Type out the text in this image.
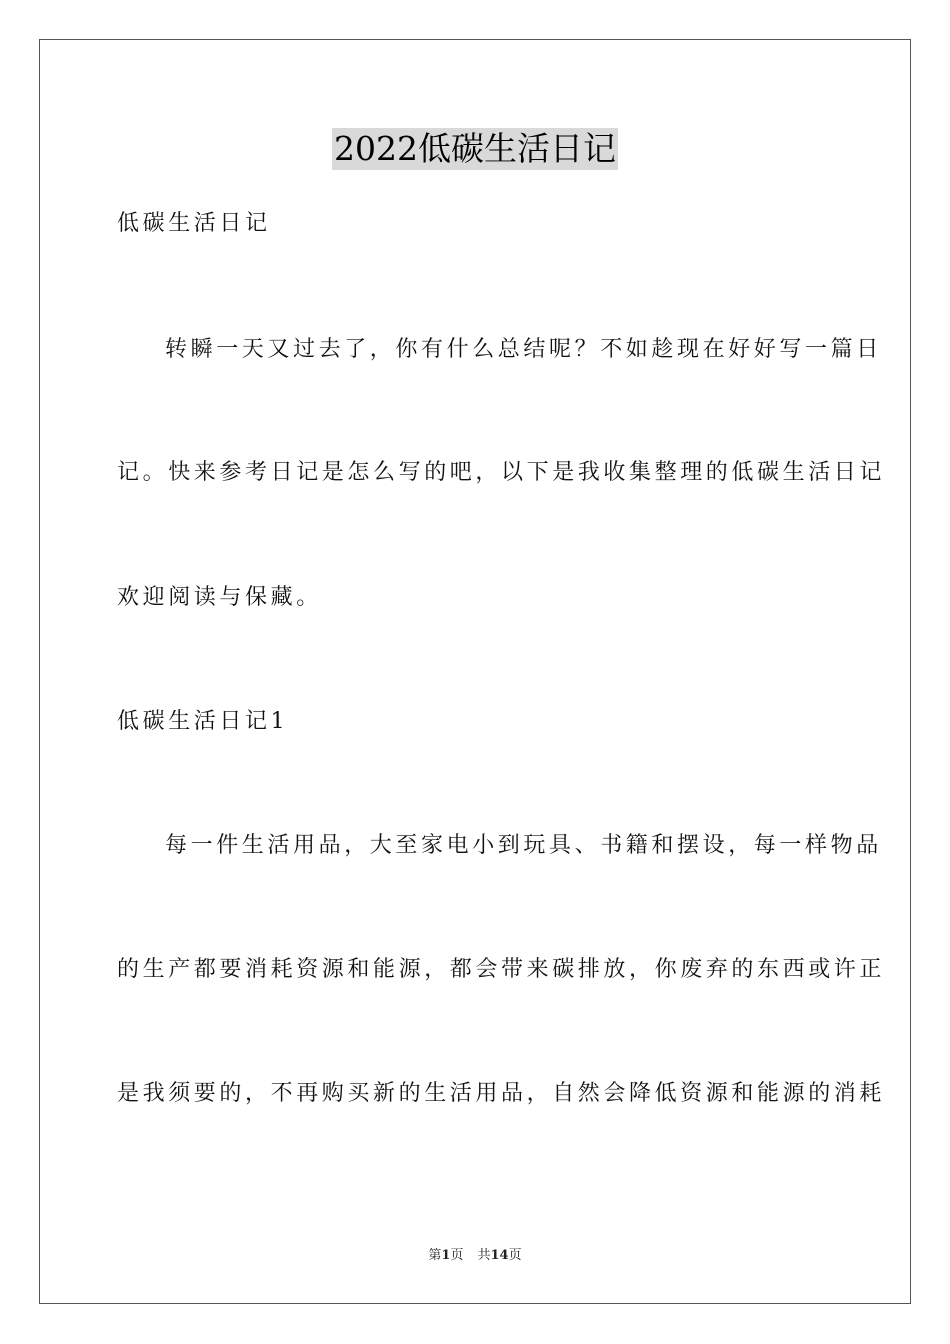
2022低碳生活日记
低碳生活日记
转瞬一天又过去了，你有什么总结呢？不如趁现在好好写一篇日
记。快来参考日记是怎么写的吧，以下是我收集整理的低碳生活日记
欢迎阅读与保藏。
低碳生活日记1
每一件生活用品，大至家电小到玩具、书籍和摆设，每一样物品
的生产都要消耗资源和能源，都会带来碳排放，你废弃的东西或许正
是我须要的，不再购买新的生活用品，自然会降低资源和能源的消耗
第1页 共14页
